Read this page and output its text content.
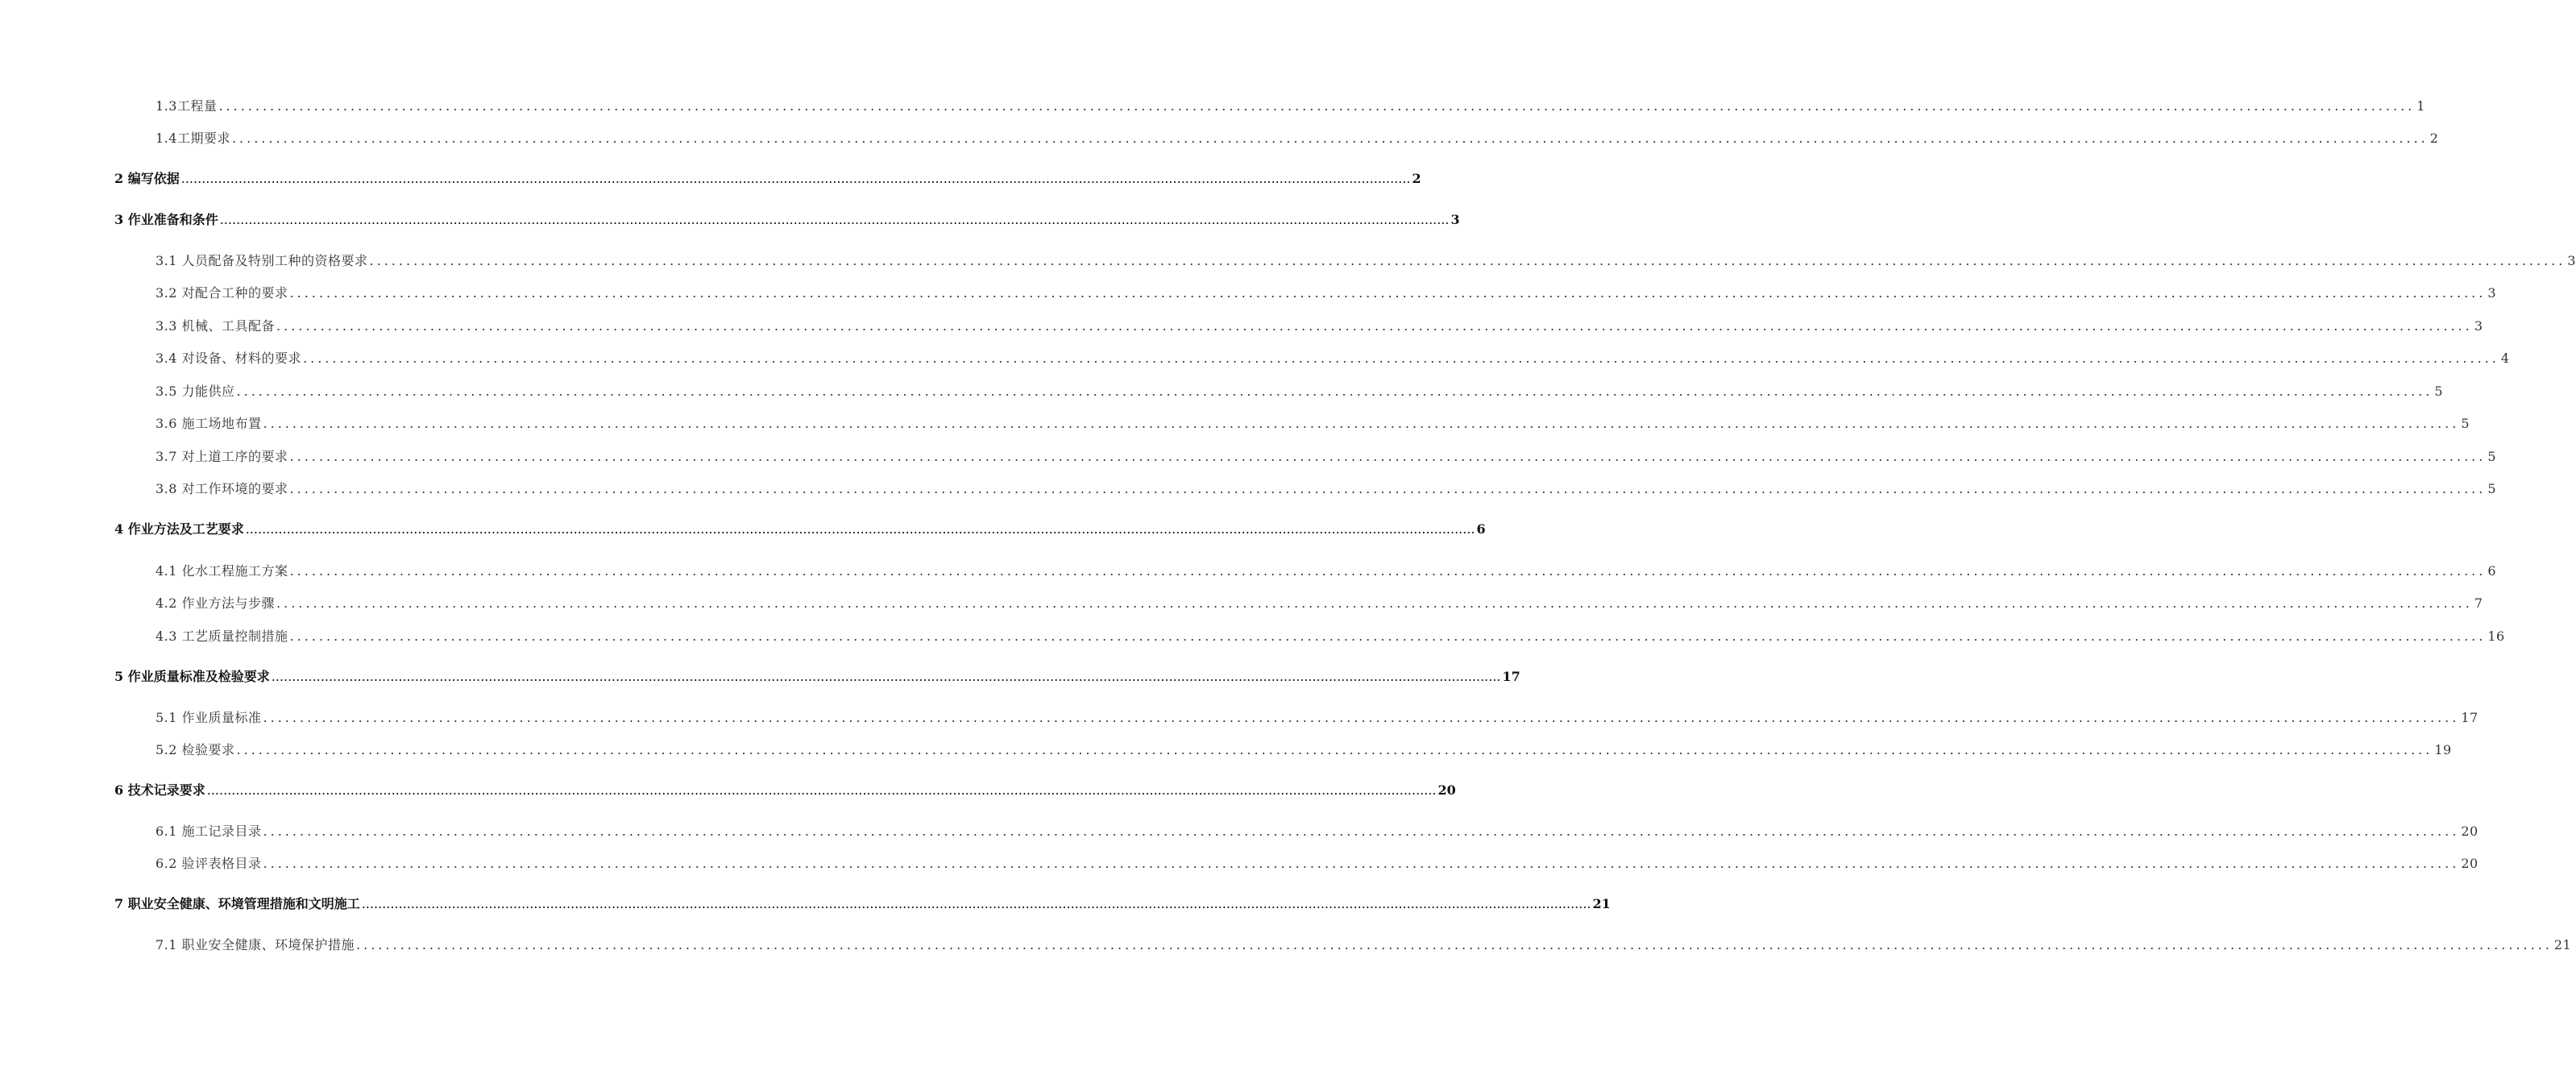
1.3工程量 ............................................................................................................................................................................................................................................................................................................ 1
1.4工期要求 ............................................................................................................................................................................................................................................................................................................ 2
2 编写依据 ............................................................................................................................................................................................................................................................................................................ 2
3 作业准备和条件 ............................................................................................................................................................................................................................................................................................................ 3
3.1 人员配备及特别工种的资格要求 ............................................................................................................................................................................................................................................................................................................ 3
3.2 对配合工种的要求 ............................................................................................................................................................................................................................................................................................................ 3
3.3 机械、工具配备 ............................................................................................................................................................................................................................................................................................................ 3
3.4 对设备、材料的要求 ............................................................................................................................................................................................................................................................................................................ 4
3.5 力能供应 ............................................................................................................................................................................................................................................................................................................ 5
3.6 施工场地布置 ............................................................................................................................................................................................................................................................................................................ 5
3.7 对上道工序的要求 ............................................................................................................................................................................................................................................................................................................ 5
3.8 对工作环境的要求 ............................................................................................................................................................................................................................................................................................................ 5
4 作业方法及工艺要求 ............................................................................................................................................................................................................................................................................................................ 6
4.1 化水工程施工方案 ............................................................................................................................................................................................................................................................................................................ 6
4.2 作业方法与步骤 ............................................................................................................................................................................................................................................................................................................ 7
4.3 工艺质量控制措施 ............................................................................................................................................................................................................................................................................................................ 16
5 作业质量标准及检验要求 ............................................................................................................................................................................................................................................................................................................ 17
5.1 作业质量标准 ............................................................................................................................................................................................................................................................................................................ 17
5.2 检验要求 ............................................................................................................................................................................................................................................................................................................ 19
6 技术记录要求 ............................................................................................................................................................................................................................................................................................................ 20
6.1 施工记录目录 ............................................................................................................................................................................................................................................................................................................ 20
6.2 验评表格目录 ............................................................................................................................................................................................................................................................................................................ 20
7 职业安全健康、环境管理措施和文明施工 ............................................................................................................................................................................................................................................................................................................ 21
7.1 职业安全健康、环境保护措施 ............................................................................................................................................................................................................................................................................................................ 21
